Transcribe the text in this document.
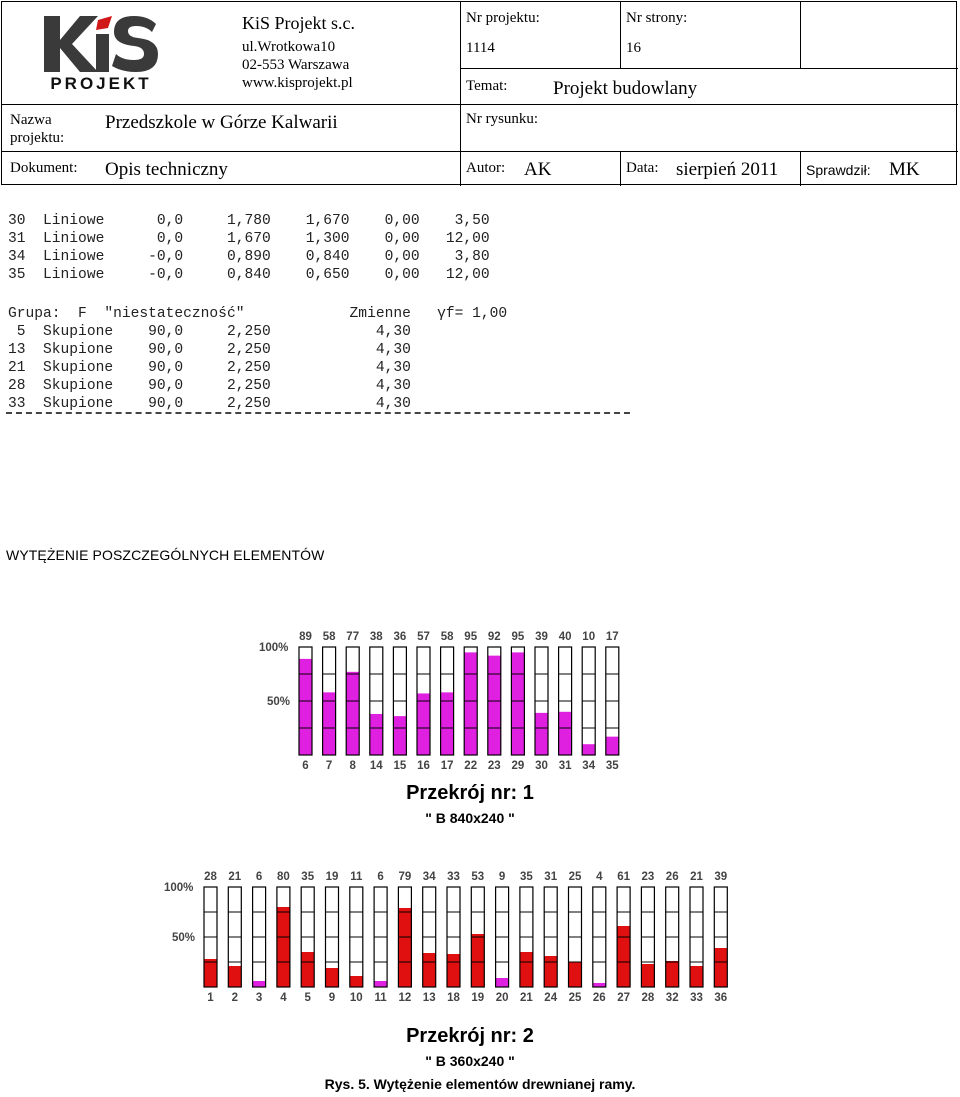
PROJEKT
KiS Projekt s.c.
ul.Wrotkowa10
02-553 Warszawa
www.kisprojekt.pl
Nr projektu:
1114
Nr strony:
16
Temat: Projekt budowlany
Nazwa
projektu:
Przedszkole w Górze Kalwarii	Nr rysunku:
Dokument: Opis techniczny	Autor: AK	Data: sierpień 2011 Sprawdził: MK
30  Liniowe      0,0     1,780    1,670    0,00    3,50
31  Liniowe      0,0     1,670    1,300    0,00   12,00
34  Liniowe     -0,0     0,890    0,840    0,00    3,80
35  Liniowe     -0,0     0,840    0,650    0,00   12,00
Grupa:  F  "niestateczność"            Zmienne   γf= 1,00
5  Skupione    90,0     2,250            4,30
13  Skupione    90,0     2,250            4,30
21  Skupione    90,0     2,250            4,30
28  Skupione    90,0     2,250            4,30
33  Skupione    90,0     2,250            4,30
WYTĘŻENIE POSZCZEGÓLNYCH ELEMENTÓW
100%
50%
89
6
58
7
77
8
38
14
36
15
57
16
58
17
95
22
92
23
95
29
39
30
40
31
10
34
17
35
Przekrój nr: 1
" B 840x240 "
100%
50%
28
1
21
2
6
3
80
4
35
5
19
9
11
10
6
11
79
12
34
13
33
18
53
19
9
20
35
21
31
24
25
25
4
26
61
27
23
28
26
32
21
33
39
36
Przekrój nr: 2
" B 360x240 "
Rys. 5. Wytężenie elementów drewnianej ramy.
